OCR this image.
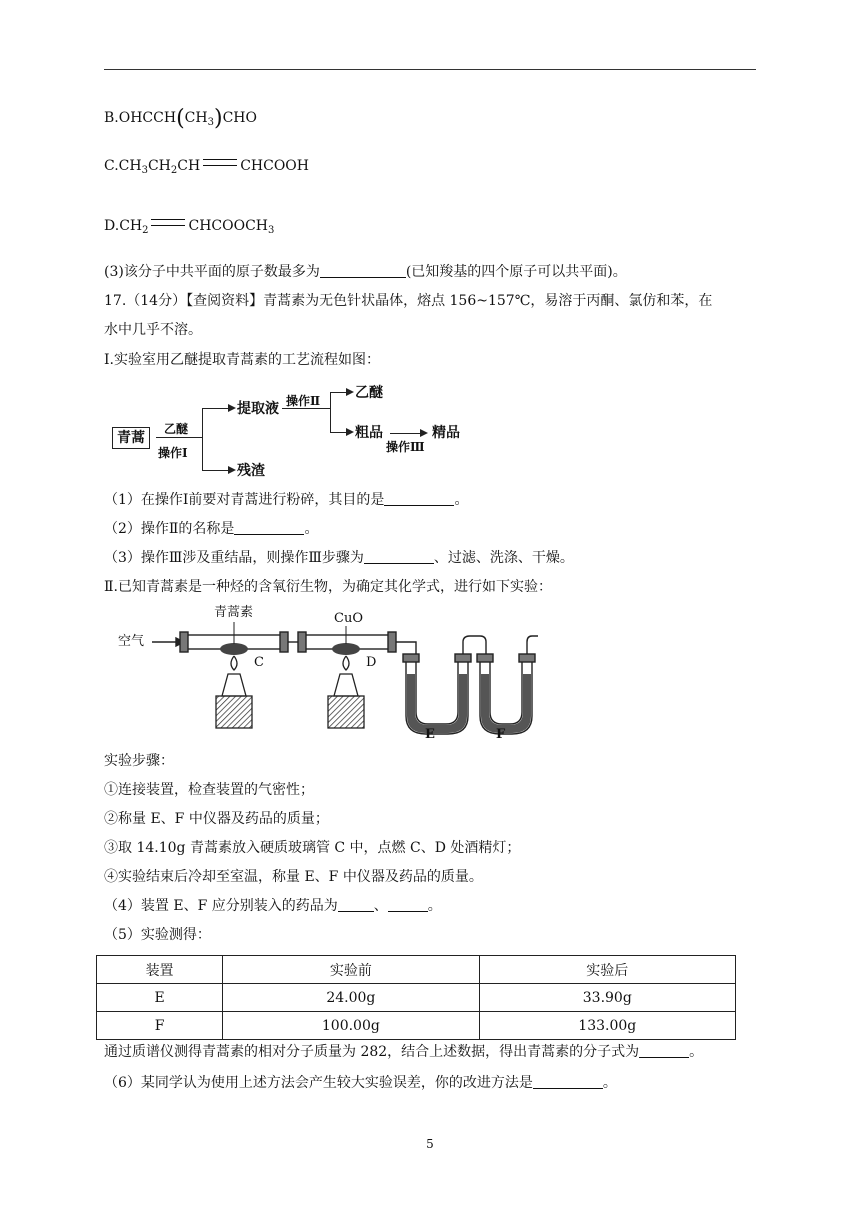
$B.OHCCH(CH_3)CHO$
$C.CH_3CH_2CH$	CHCOOH
$D.CH_2$	$CHCOOCH_3$
(3)该分子中共平面的原子数最多为	(已知羧基的四个原子可以共平面)。
17.（14分）【查阅资料】青蒿素为无色针状晶体，熔点 156~157℃，易溶于丙酮、氯仿和苯，在
水中几乎不溶。
Ⅰ.实验室用乙醚提取青蒿素的工艺流程如图：
青蒿
乙醚
操作Ⅰ
提取液
残渣
操作Ⅱ 乙醚
粗品
操作Ⅲ
精品
（1）在操作Ⅰ前要对青蒿进行粉碎，其目的是	。
（2）操作Ⅱ的名称是	。
（3）操作Ⅲ涉及重结晶，则操作Ⅲ步骤为	、过滤、洗涤、干燥。
Ⅱ.已知青蒿素是一种烃的含氧衍生物，为确定其化学式，进行如下实验：
空气
青蒿素	CuO
C	D
E	F
实验步骤：
①连接装置，检查装置的气密性；
②称量 E、F 中仪器及药品的质量；
③取 14.10g 青蒿素放入硬质玻璃管 C 中，点燃 C、D 处酒精灯；
④实验结束后冷却至室温，称量 E、F 中仪器及药品的质量。
（4）装置 E、F 应分别装入的药品为	、	。
（5）实验测得：
装置	实验前	实验后
E	24.00g	33.90g
F	100.00g	133.00g
通过质谱仪测得青蒿素的相对分子质量为 282，结合上述数据，得出青蒿素的分子式为	。
（6）某同学认为使用上述方法会产生较大实验误差，你的改进方法是	。
5
